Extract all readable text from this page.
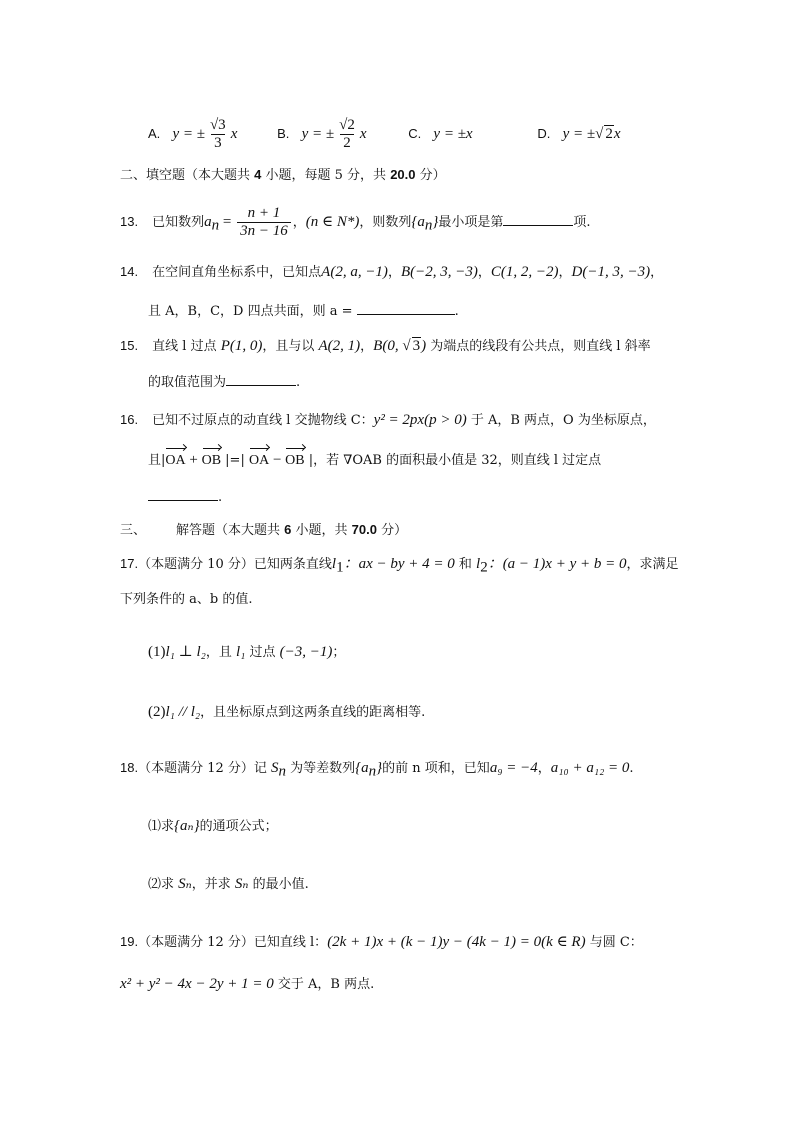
A. y = ± $\frac{√3}{3}$ x	B. y = ± $\frac{√2}{2}$ x	C. y = ±x	D. y = ±√ 2x
二、填空题（本大题共 4 小题，每题 5 分，共 20.0 分）
13. 已知数列$a_n = \frac{n + 1}{3n - 16}$ ，(n ∈ N*)，则数列$\{a_n\}$最小项是第	项.
14. 在空间直角坐标系中，已知点A(2, a, −1)，B(−2, 3, −3)，C(1, 2, −2)，D(−1, 3, −3)，
且 A，B，C，D 四点共面，则 a =	.
15. 直线 l 过点 P(1, 0)，且与以 A(2, 1)，B(0, √ 3) 为端点的线段有公共点，则直线 l 斜率
的取值范围为	.
16. 已知不过原点的动直线 l 交抛物线 C：y² = 2px(p > 0) 于 A，B 两点，O 为坐标原点，
且|OA + OB |=| OA − OB |，若 ∇OAB 的面积最小值是 32，则直线 l 过定点
.
三、 解答题（本大题共 6 小题，共 70.0 分）
17.（本题满分 10 分）已知两条直线$l_1$：ax − by + 4 = 0 和 $l_2$：(a − 1)x + y + b = 0，求满足
下列条件的 a、b 的值.
(1)l₁ ⊥ l₂，且 l₁ 过点 (−3, −1)；
(2)l₁ // l₂，且坐标原点到这两条直线的距离相等.
18.（本题满分 12 分）记 $S_n$ 为等差数列$\{a_n\}$的前 n 项和，已知a₉ = −4，a₁₀ + a₁₂ = 0.
⑴求{aₙ}的通项公式；
⑵求 Sₙ，并求 Sₙ 的最小值.
19.（本题满分 12 分）已知直线 l：(2k + 1)x + (k − 1)y − (4k − 1) = 0(k ∈ R) 与圆 C：
x² + y² − 4x − 2y + 1 = 0 交于 A，B 两点.
